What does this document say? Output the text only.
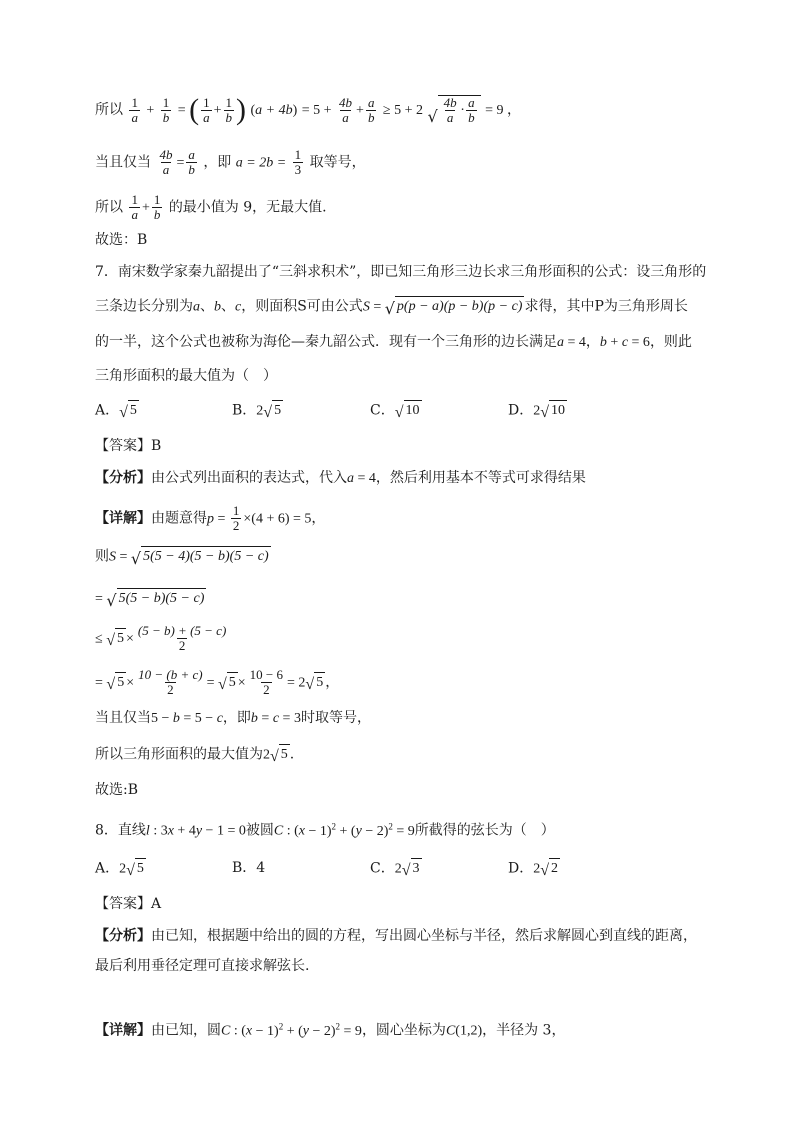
所以 $\frac{1}{a} + \frac{1}{b}$ = ( $\frac{1}{a} + \frac{1}{b}$ ) $(a + 4b) = 5 + \frac{4b}{a} + \frac{a}{b} \ge 5 + 2$ √ $\frac{4b}{a} \cdot \frac{a}{b} = 9$ ，
当且仅当 $\frac{4b}{a} = \frac{a}{b}$ ，即 $a = 2b = \frac{1}{3}$ 取等号，
所以 $\frac{1}{a} + \frac{1}{b}$ 的最小值为 9，无最大值.
故选：B
7．南宋数学家秦九韶提出了“三斜求积术”，即已知三角形三边长求三角形面积的公式：设三角形的
三条边长分别为a、b、c，则面积S可由公式S = √ p(p − a)(p − b)(p − c) 求得，其中P为三角形周长
的一半，这个公式也被称为海伦—秦九韶公式．现有一个三角形的边长满足a = 4，b + c = 6，则此
三角形面积的最大值为（　）
A． √ 5	B．2 √ 5	C． √ 10	D．2 √ 10
【答案】B
【分析】由公式列出面积的表达式，代入a = 4，然后利用基本不等式可求得结果
【详解】由题意得$p = \frac{1}{2} \times(4 + 6) = 5$，
则S = √ 5(5 − 4)(5 − b)(5 − c)
= √ 5(5 − b)(5 − c)
≤ √ $5 \times \frac{(5 - b) + (5 - c)}{2}$
= √ $5 \times \frac{10 - (b + c)}{2}$ = √ $5 \times \frac{10 - 6}{2} = 2$ √ 5 ，
当且仅当5 − b = 5 − c，即b = c = 3时取等号，
所以三角形面积的最大值为2 √ 5 .
故选:B
8．直线l : 3x + 4y − 1 = 0被圆C : $(x - 1)^2 + (y - 2)^2 = 9$所截得的弦长为（　）
A．2 √ 5	B．4	C．2 √ 3	D．2 √ 2
【答案】A
【分析】由已知，根据题中给出的圆的方程，写出圆心坐标与半径，然后求解圆心到直线的距离，
最后利用垂径定理可直接求解弦长.
【详解】由已知，圆C : $(x - 1)^2 + (y - 2)^2 = 9$，圆心坐标为C(1,2)，半径为 3，
